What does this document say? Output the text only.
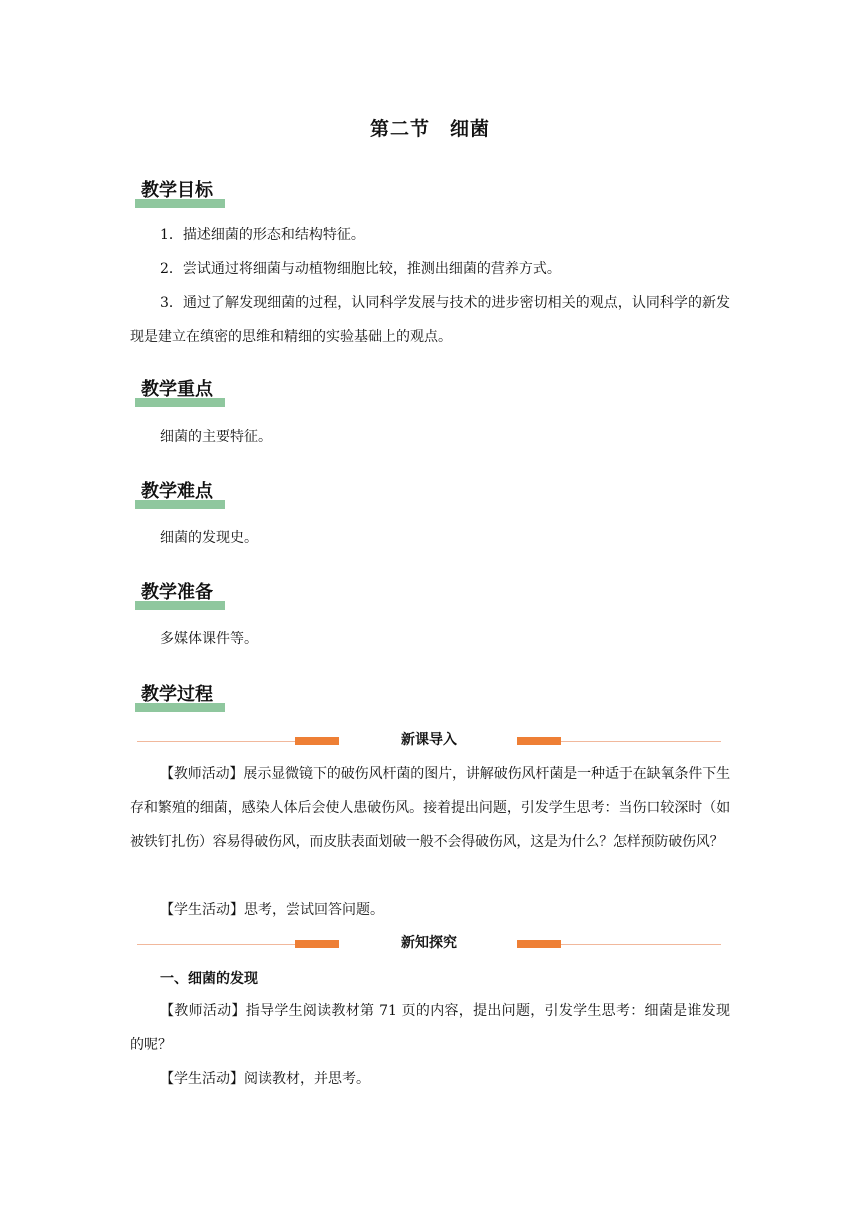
第二节　细菌
教学目标
1．描述细菌的形态和结构特征。
2．尝试通过将细菌与动植物细胞比较，推测出细菌的营养方式。
3．通过了解发现细菌的过程，认同科学发展与技术的进步密切相关的观点，认同科学的新发现是建立在缜密的思维和精细的实验基础上的观点。
教学重点
细菌的主要特征。
教学难点
细菌的发现史。
教学准备
多媒体课件等。
教学过程
新课导入
【教师活动】展示显微镜下的破伤风杆菌的图片，讲解破伤风杆菌是一种适于在缺氧条件下生存和繁殖的细菌，感染人体后会使人患破伤风。接着提出问题，引发学生思考：当伤口较深时（如被铁钉扎伤）容易得破伤风，而皮肤表面划破一般不会得破伤风，这是为什么？怎样预防破伤风？
【学生活动】思考，尝试回答问题。
新知探究
一、细菌的发现
【教师活动】指导学生阅读教材第 71 页的内容，提出问题，引发学生思考：细菌是谁发现的呢？
【学生活动】阅读教材，并思考。
